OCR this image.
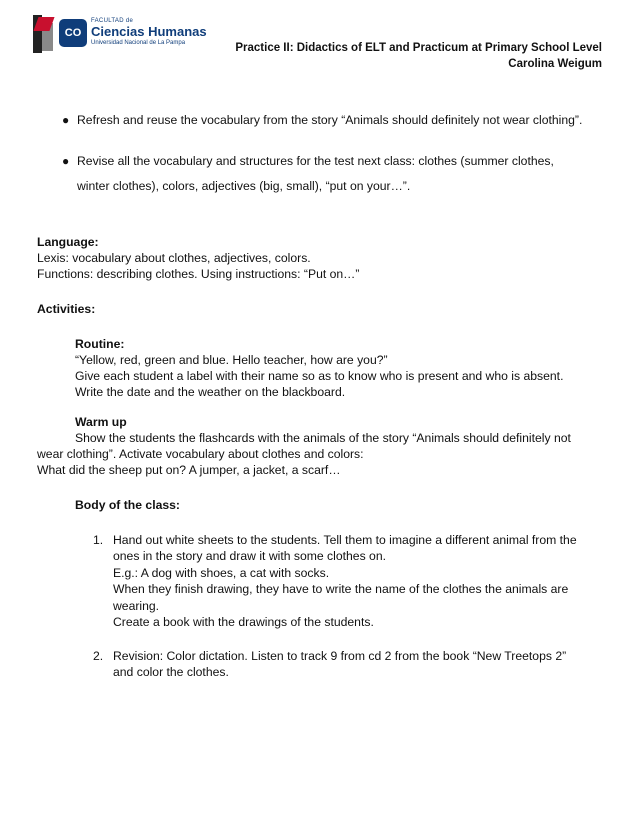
CO
FACULTAD de
Ciencias Humanas
Universidad Nacional de La Pampa	Practice II: Didactics of ELT and Practicum at Primary School Level
Carolina Weigum
● Refresh and reuse the vocabulary from the story “Animals should definitely not wear clothing”.
● Revise all the vocabulary and structures for the test next class: clothes (summer clothes,
winter clothes), colors, adjectives (big, small), “put on your…”.
Language:
Lexis: vocabulary about clothes, adjectives, colors.
Functions: describing clothes. Using instructions: “Put on…”
Activities:
Routine:
“Yellow, red, green and blue. Hello teacher, how are you?”
Give each student a label with their name so as to know who is present and who is absent.
Write the date and the weather on the blackboard.
Warm up
Show the students the flashcards with the animals of the story “Animals should definitely not
wear clothing”. Activate vocabulary about clothes and colors:
What did the sheep put on? A jumper, a jacket, a scarf…
Body of the class:
1. Hand out white sheets to the students. Tell them to imagine a different animal from the
ones in the story and draw it with some clothes on.
E.g.: A dog with shoes, a cat with socks.
When they finish drawing, they have to write the name of the clothes the animals are
wearing.
Create a book with the drawings of the students.
2. Revision: Color dictation. Listen to track 9 from cd 2 from the book “New Treetops 2”
and color the clothes.
